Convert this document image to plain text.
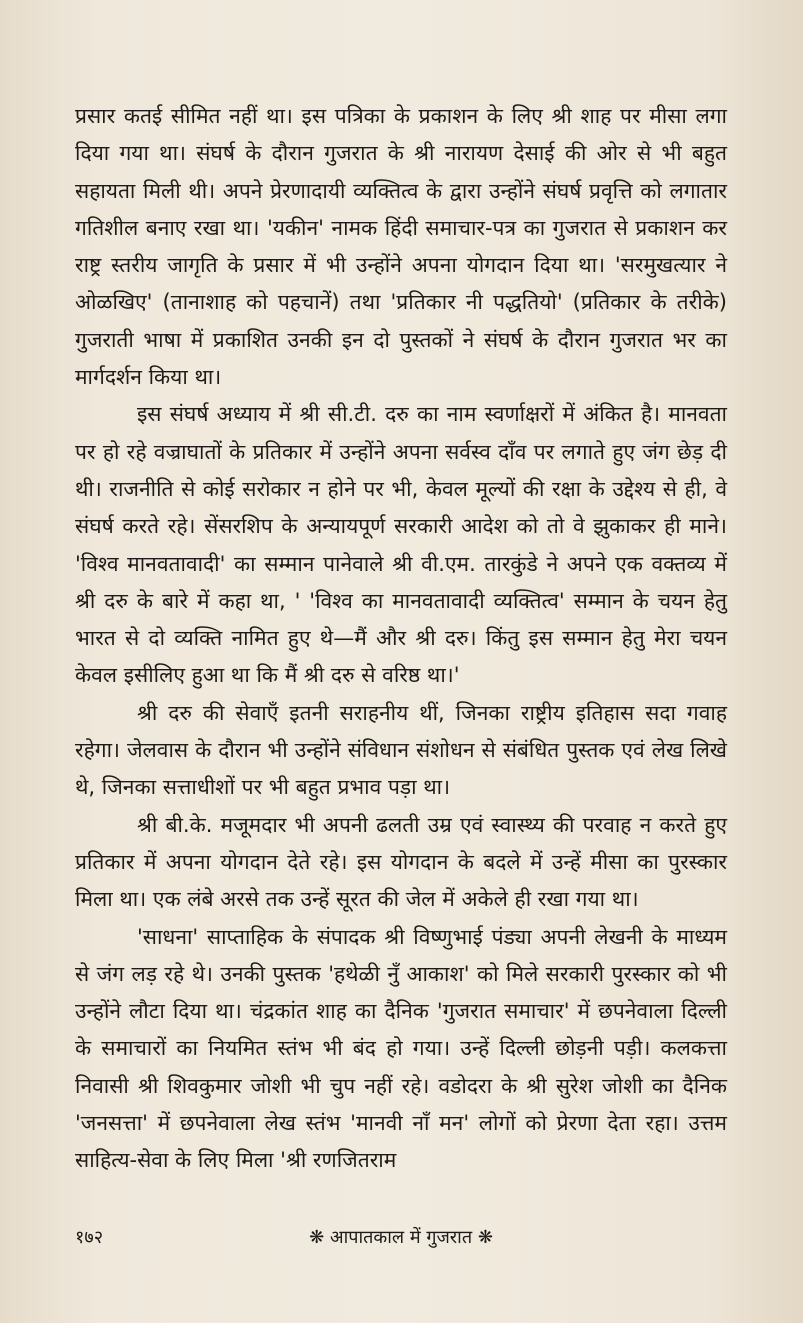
प्रसार कतई सीमित नहीं था। इस पत्रिका के प्रकाशन के लिए श्री शाह पर मीसा लगा दिया गया था। संघर्ष के दौरान गुजरात के श्री नारायण देसाई की ओर से भी बहुत सहायता मिली थी। अपने प्रेरणादायी व्यक्तित्व के द्वारा उन्होंने संघर्ष प्रवृत्ति को लगातार गतिशील बनाए रखा था। 'यकीन' नामक हिंदी समाचार-पत्र का गुजरात से प्रकाशन कर राष्ट्र स्तरीय जागृति के प्रसार में भी उन्होंने अपना योगदान दिया था। 'सरमुखत्यार ने ओळखिए' (तानाशाह को पहचानें) तथा 'प्रतिकार नी पद्धतियो' (प्रतिकार के तरीके) गुजराती भाषा में प्रकाशित उनकी इन दो पुस्तकों ने संघर्ष के दौरान गुजरात भर का मार्गदर्शन किया था।

इस संघर्ष अध्याय में श्री सी.टी. दरु का नाम स्वर्णाक्षरों में अंकित है। मानवता पर हो रहे वज्राघातों के प्रतिकार में उन्होंने अपना सर्वस्व दाँव पर लगाते हुए जंग छेड़ दी थी। राजनीति से कोई सरोकार न होने पर भी, केवल मूल्यों की रक्षा के उद्देश्य से ही, वे संघर्ष करते रहे। सेंसरशिप के अन्यायपूर्ण सरकारी आदेश को तो वे झुकाकर ही माने। 'विश्व मानवतावादी' का सम्मान पानेवाले श्री वी.एम. तारकुंडे ने अपने एक वक्तव्य में श्री दरु के बारे में कहा था, ' 'विश्व का मानवतावादी व्यक्तित्व' सम्मान के चयन हेतु भारत से दो व्यक्ति नामित हुए थे—मैं और श्री दरु। किंतु इस सम्मान हेतु मेरा चयन केवल इसीलिए हुआ था कि मैं श्री दरु से वरिष्ठ था।'

श्री दरु की सेवाएँ इतनी सराहनीय थीं, जिनका राष्ट्रीय इतिहास सदा गवाह रहेगा। जेलवास के दौरान भी उन्होंने संविधान संशोधन से संबंधित पुस्तक एवं लेख लिखे थे, जिनका सत्ताधीशों पर भी बहुत प्रभाव पड़ा था।

श्री बी.के. मजूमदार भी अपनी ढलती उम्र एवं स्वास्थ्य की परवाह न करते हुए प्रतिकार में अपना योगदान देते रहे। इस योगदान के बदले में उन्हें मीसा का पुरस्कार मिला था। एक लंबे अरसे तक उन्हें सूरत की जेल में अकेले ही रखा गया था।

'साधना' साप्ताहिक के संपादक श्री विष्णुभाई पंड्या अपनी लेखनी के माध्यम से जंग लड़ रहे थे। उनकी पुस्तक 'हथेळी नुँ आकाश' को मिले सरकारी पुरस्कार को भी उन्होंने लौटा दिया था। चंद्रकांत शाह का दैनिक 'गुजरात समाचार' में छपनेवाला दिल्ली के समाचारों का नियमित स्तंभ भी बंद हो गया। उन्हें दिल्ली छोड़नी पड़ी। कलकत्ता निवासी श्री शिवकुमार जोशी भी चुप नहीं रहे। वडोदरा के श्री सुरेश जोशी का दैनिक 'जनसत्ता' में छपनेवाला लेख स्तंभ 'मानवी नाँ मन' लोगों को प्रेरणा देता रहा। उत्तम साहित्य-सेवा के लिए मिला 'श्री रणजितराम

१७२	❋ आपातकाल में गुजरात ❋
